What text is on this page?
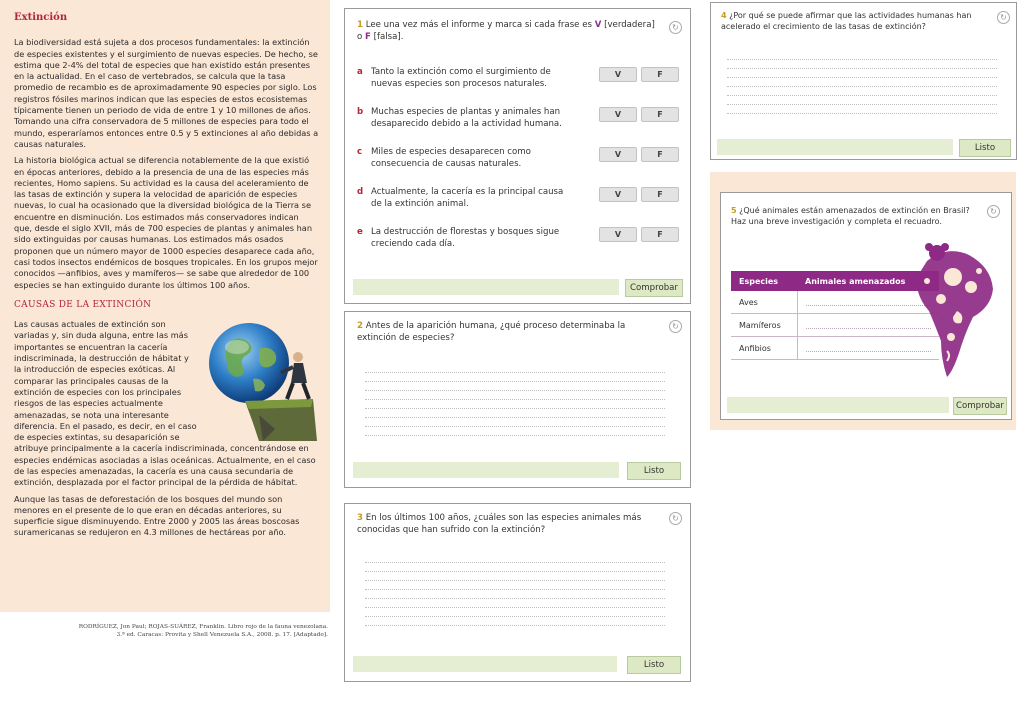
Extinción

La biodiversidad está sujeta a dos procesos fundamentales: la extinción de especies existentes y el surgimiento de nuevas especies. De hecho, se estima que 2-4% del total de especies que han existido están presentes en la actualidad. En el caso de vertebrados, se calcula que la tasa promedio de recambio es de aproximadamente 90 especies por siglo. Los registros fósiles marinos indican que las especies de estos ecosistemas típicamente tienen un periodo de vida de entre 1 y 10 millones de años. Tomando una cifra conservadora de 5 millones de especies para todo el mundo, esperaríamos entonces entre 0.5 y 5 extinciones al año debidas a causas naturales.

La historia biológica actual se diferencia notablemente de la que existió en épocas anteriores, debido a la presencia de una de las especies más recientes, Homo sapiens. Su actividad es la causa del aceleramiento de las tasas de extinción y supera la velocidad de aparición de especies nuevas, lo cual ha ocasionado que la diversidad biológica de la Tierra se encuentre en disminución. Los estimados más conservadores indican que, desde el siglo XVII, más de 700 especies de plantas y animales han sido extinguidas por causas humanas. Los estimados más osados proponen que un número mayor de 1000 especies desaparece cada año, casi todos insectos endémicos de bosques tropicales. En los grupos mejor conocidos —anfibios, aves y mamíferos— se sabe que alrededor de 100 especies se han extinguido durante los últimos 100 años.

CAUSAS DE LA EXTINCIÓN

Las causas actuales de extinción son variadas y, sin duda alguna, entre las más importantes se encuentran la cacería indiscriminada, la destrucción de hábitat y la introducción de especies exóticas. Al comparar las principales causas de la extinción de especies con los principales riesgos de las especies actualmente amenazadas, se nota una interesante diferencia. En el pasado, es decir, en el caso de especies extintas, su desaparición se atribuye principalmente a la cacería indiscriminada, concentrándose en especies endémicas asociadas a islas oceánicas. Actualmente, en el caso de las especies amenazadas, la cacería es una causa secundaria de extinción, desplazada por el factor principal de la pérdida de hábitat.

Aunque las tasas de deforestación de los bosques del mundo son menores en el presente de lo que eran en décadas anteriores, su superficie sigue disminuyendo. Entre 2000 y 2005 las áreas boscosas suramericanas se redujeron en 4.3 millones de hectáreas por año.

RODRÍGUEZ, Jon Paul; ROJAS-SUÁREZ, Franklin. Libro rojo de la fauna venezolana.
3.ª ed. Caracas: Provita y Shell Venezuela S.A., 2008. p. 17. [Adaptado].
1 Lee una vez más el informe y marca si cada frase es V [verdadera] o F [falsa].
↻
a Tanto la extinción como el surgimiento de nuevas especies son procesos naturales.
V	F
b Muchas especies de plantas y animales han desaparecido debido a la actividad humana.
V	F
c Miles de especies desaparecen como consecuencia de causas naturales.
V	F
d Actualmente, la cacería es la principal causa de la extinción animal.
V	F
e La destrucción de florestas y bosques sigue creciendo cada día.
V	F
Comprobar
2 Antes de la aparición humana, ¿qué proceso determinaba la extinción de especies?
↻
Listo
3 En los últimos 100 años, ¿cuáles son las especies animales más conocidas que han sufrido con la extinción?
↻
Listo
4 ¿Por qué se puede afirmar que las actividades humanas han acelerado el crecimiento de las tasas de extinción?
↻
Listo
5 ¿Qué animales están amenazados de extinción en Brasil? Haz una breve investigación y completa el recuadro.
↻
Especies	Animales amenazados
Aves	

Mamíferos	

Anfibios	
Comprobar
